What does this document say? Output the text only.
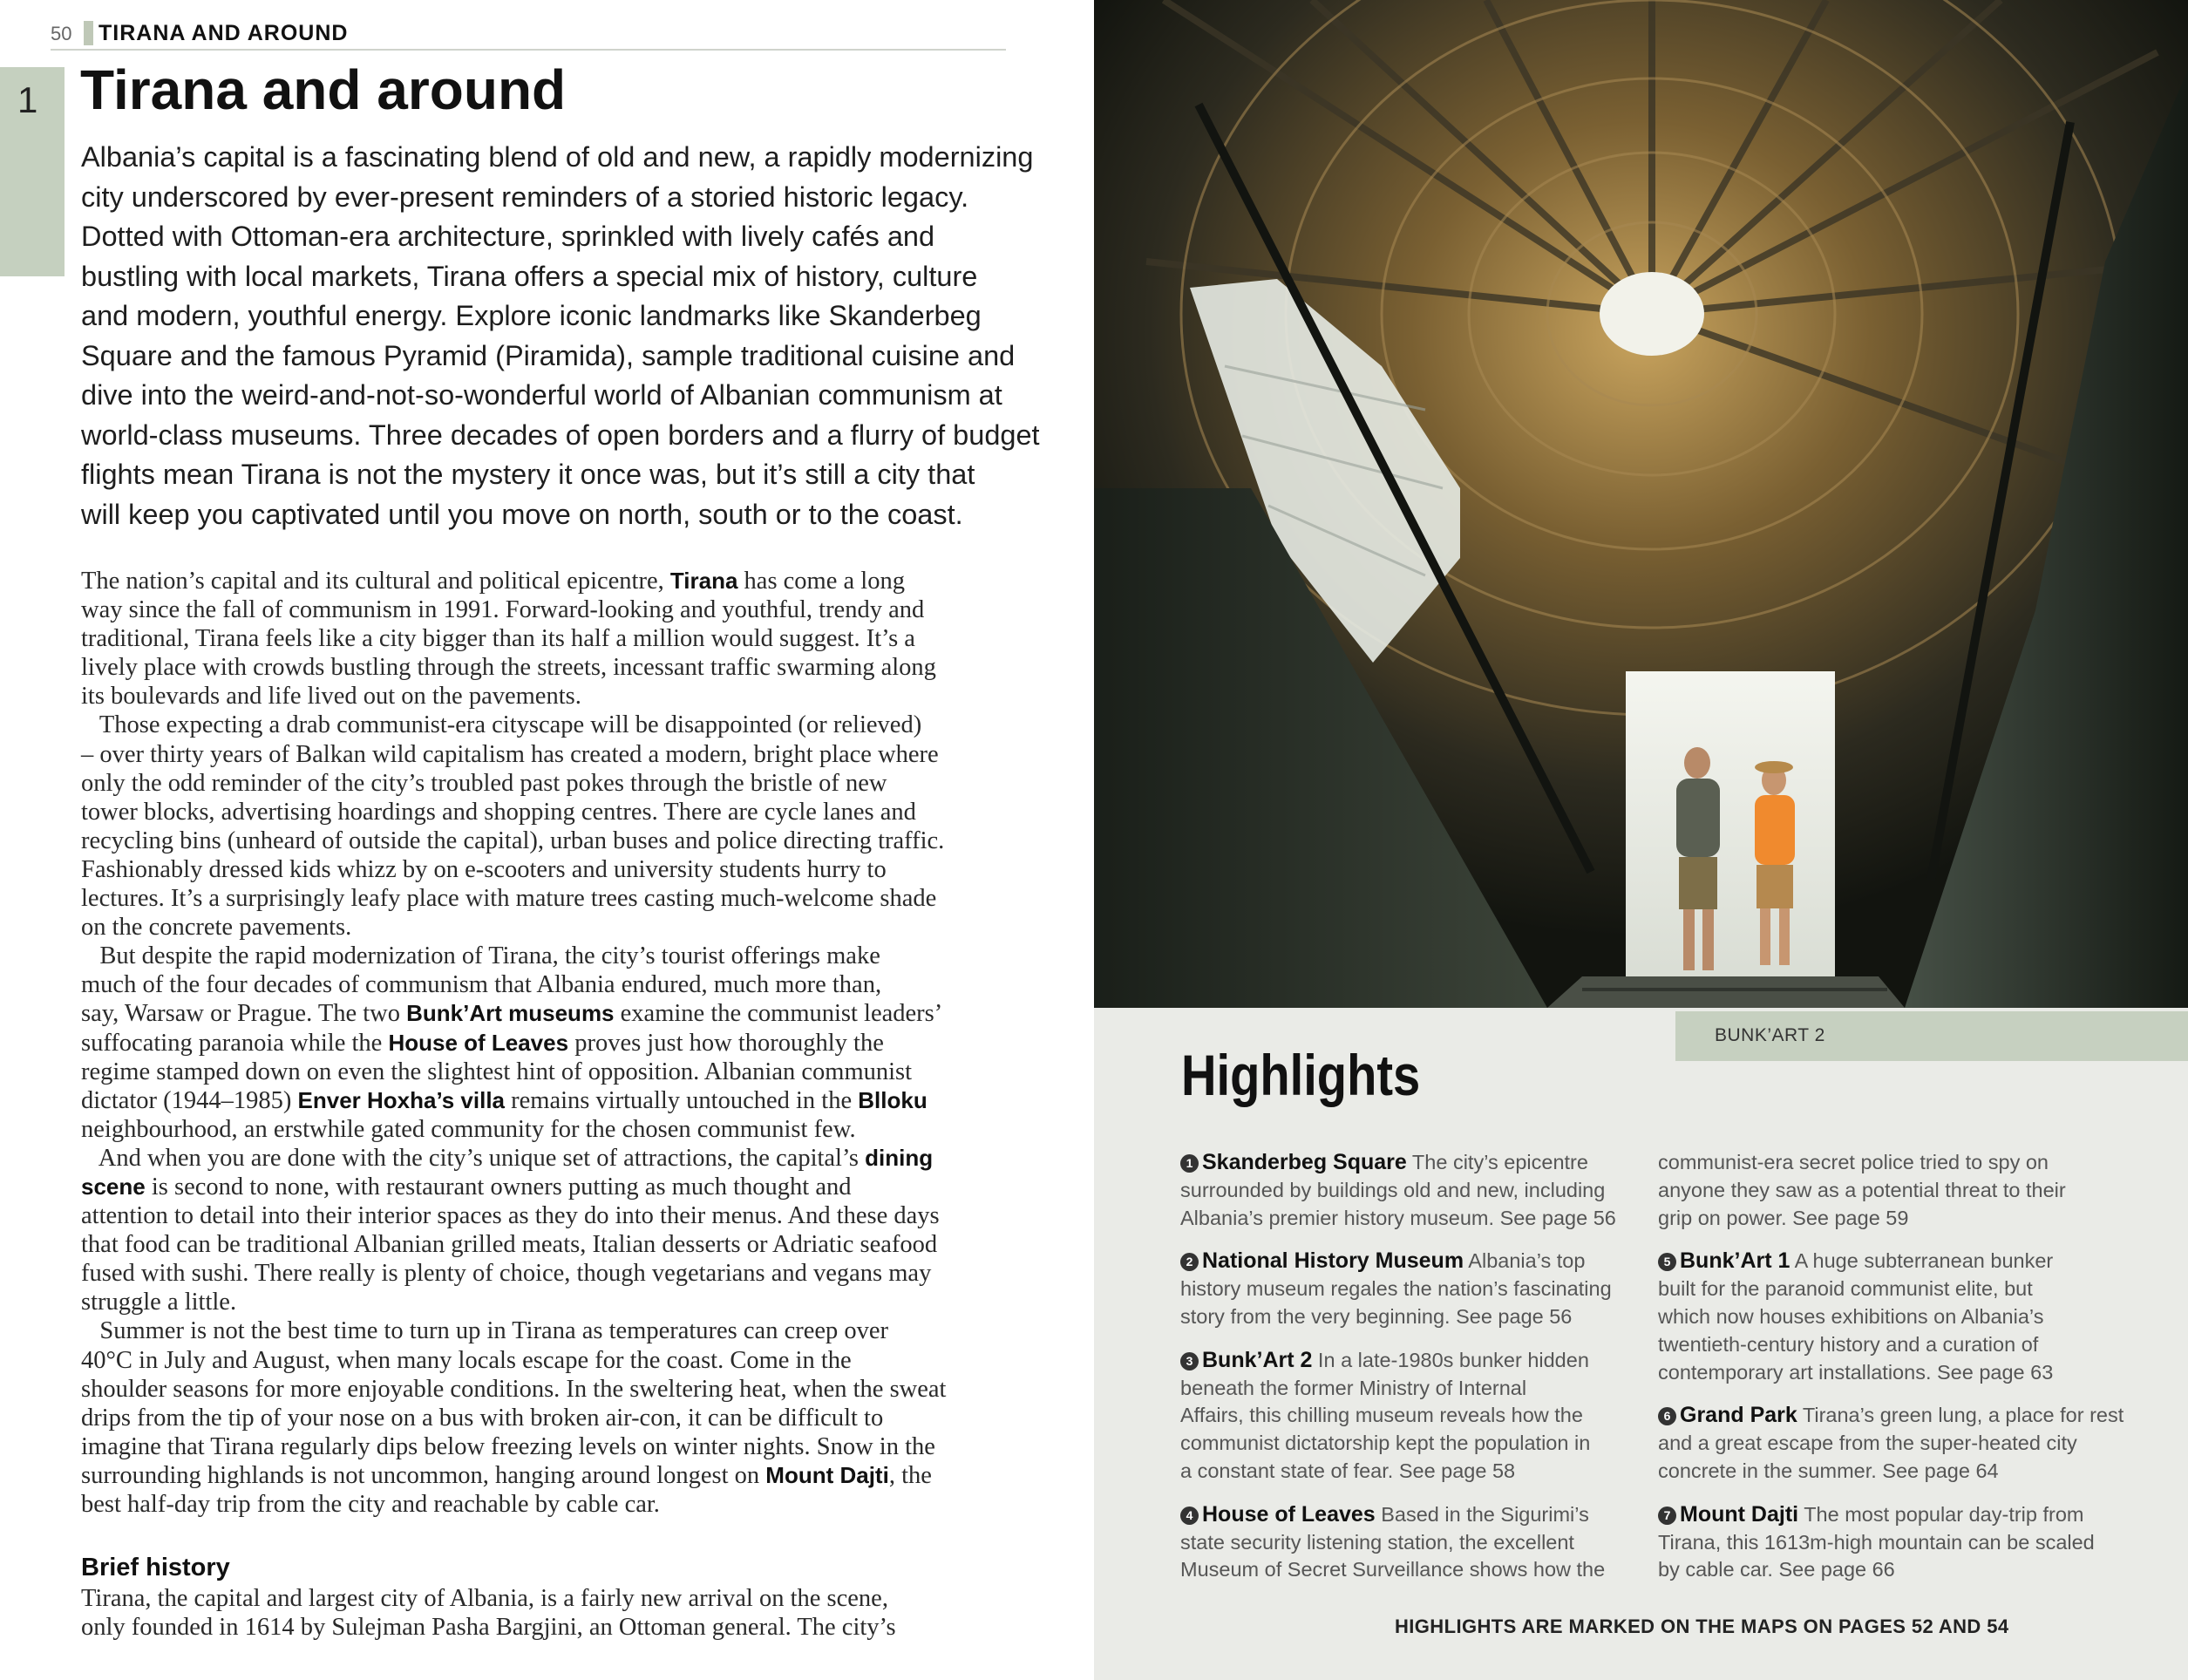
50 TIRANA AND AROUND
1 Tirana and around
Albania’s capital is a fascinating blend of old and new, a rapidly modernizing
city underscored by ever-present reminders of a storied historic legacy.
Dotted with Ottoman-era architecture, sprinkled with lively cafés and
bustling with local markets, Tirana offers a special mix of history, culture
and modern, youthful energy. Explore iconic landmarks like Skanderbeg
Square and the famous Pyramid (Piramida), sample traditional cuisine and
dive into the weird-and-not-so-wonderful world of Albanian communism at
world-class museums. Three decades of open borders and a flurry of budget
flights mean Tirana is not the mystery it once was, but it’s still a city that
will keep you captivated until you move on north, south or to the coast.
The nation’s capital and its cultural and political epicentre, Tirana has come a long
way since the fall of communism in 1991. Forward-looking and youthful, trendy and
traditional, Tirana feels like a city bigger than its half a million would suggest. It’s a
lively place with crowds bustling through the streets, incessant traffic swarming along
its boulevards and life lived out on the pavements.
Those expecting a drab communist-era cityscape will be disappointed (or relieved)
– over thirty years of Balkan wild capitalism has created a modern, bright place where
only the odd reminder of the city’s troubled past pokes through the bristle of new
tower blocks, advertising hoardings and shopping centres. There are cycle lanes and
recycling bins (unheard of outside the capital), urban buses and police directing traffic.
Fashionably dressed kids whizz by on e-scooters and university students hurry to
lectures. It’s a surprisingly leafy place with mature trees casting much-welcome shade
on the concrete pavements.
But despite the rapid modernization of Tirana, the city’s tourist offerings make
much of the four decades of communism that Albania endured, much more than,
say, Warsaw or Prague. The two Bunk’Art museums examine the communist leaders’
suffocating paranoia while the House of Leaves proves just how thoroughly the
regime stamped down on even the slightest hint of opposition. Albanian communist
dictator (1944–1985) Enver Hoxha’s villa remains virtually untouched in the Blloku
neighbourhood, an erstwhile gated community for the chosen communist few.
And when you are done with the city’s unique set of attractions, the capital’s dining
scene is second to none, with restaurant owners putting as much thought and
attention to detail into their interior spaces as they do into their menus. And these days
that food can be traditional Albanian grilled meats, Italian desserts or Adriatic seafood
fused with sushi. There really is plenty of choice, though vegetarians and vegans may
struggle a little.
Summer is not the best time to turn up in Tirana as temperatures can creep over
40°C in July and August, when many locals escape for the coast. Come in the
shoulder seasons for more enjoyable conditions. In the sweltering heat, when the sweat
drips from the tip of your nose on a bus with broken air-con, it can be difficult to
imagine that Tirana regularly dips below freezing levels on winter nights. Snow in the
surrounding highlands is not uncommon, hanging around longest on Mount Dajti, the
best half-day trip from the city and reachable by cable car.
Brief history
Tirana, the capital and largest city of Albania, is a fairly new arrival on the scene,
only founded in 1614 by Sulejman Pasha Bargjini, an Ottoman general. The city’s
BUNK’ART 2
Highlights
1 Skanderbeg Square The city’s epicentre
surrounded by buildings old and new, including
Albania’s premier history museum. See page 56
2 National History Museum Albania’s top
history museum regales the nation’s fascinating
story from the very beginning. See page 56
3 Bunk’Art 2 In a late-1980s bunker hidden
beneath the former Ministry of Internal
Affairs, this chilling museum reveals how the
communist dictatorship kept the population in
a constant state of fear. See page 58
4 House of Leaves Based in the Sigurimi’s
state security listening station, the excellent
Museum of Secret Surveillance shows how the
communist-era secret police tried to spy on
anyone they saw as a potential threat to their
grip on power. See page 59
5 Bunk’Art 1 A huge subterranean bunker
built for the paranoid communist elite, but
which now houses exhibitions on Albania’s
twentieth-century history and a curation of
contemporary art installations. See page 63
6 Grand Park Tirana’s green lung, a place for rest
and a great escape from the super-heated city
concrete in the summer. See page 64
7 Mount Dajti The most popular day-trip from
Tirana, this 1613m-high mountain can be scaled
by cable car. See page 66
HIGHLIGHTS ARE MARKED ON THE MAPS ON PAGES 52 AND 54
